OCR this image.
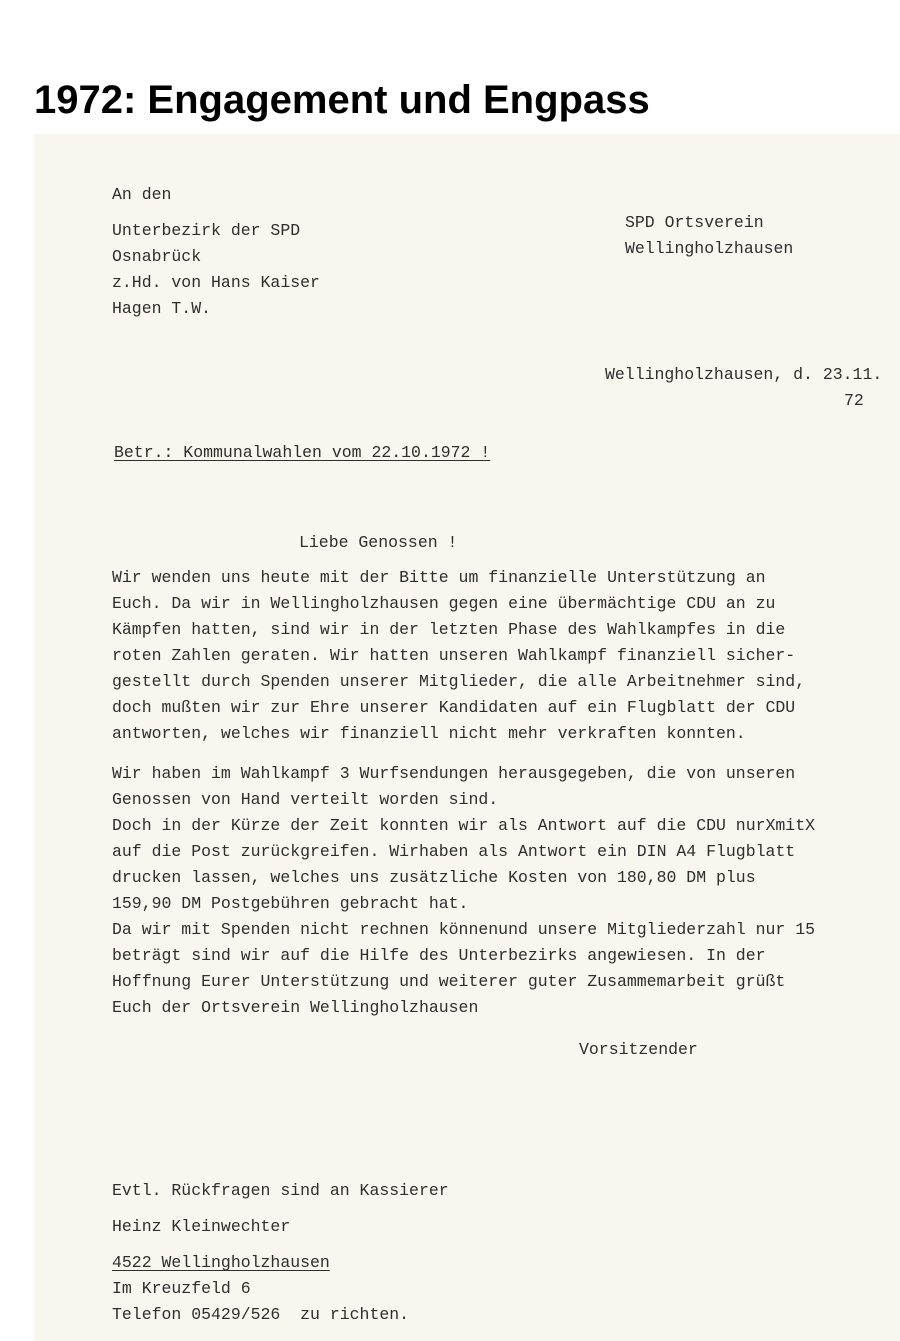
1972: Engagement und Engpass
An den
Unterbezirk der SPD
Osnabrück
z.Hd. von Hans Kaiser
Hagen T.W.
SPD Ortsverein
Wellingholzhausen
Wellingholzhausen, d. 23.11.
72
Betr.: Kommunalwahlen vom 22.10.1972 !
Liebe Genossen !
Wir wenden uns heute mit der Bitte um finanzielle Unterstützung an
Euch. Da wir in Wellingholzhausen gegen eine übermächtige CDU an zu
Kämpfen hatten, sind wir in der letzten Phase des Wahlkampfes in die
roten Zahlen geraten. Wir hatten unseren Wahlkampf finanziell sicher-
gestellt durch Spenden unserer Mitglieder, die alle Arbeitnehmer sind,
doch mußten wir zur Ehre unserer Kandidaten auf ein Flugblatt der CDU
antworten, welches wir finanziell nicht mehr verkraften konnten.
Wir haben im Wahlkampf 3 Wurfsendungen herausgegeben, die von unseren
Genossen von Hand verteilt worden sind.
Doch in der Kürze der Zeit konnten wir als Antwort auf die CDU nurXmitX
auf die Post zurückgreifen. Wirhaben als Antwort ein DIN A4 Flugblatt
drucken lassen, welches uns zusätzliche Kosten von 180,80 DM plus
159,90 DM Postgebühren gebracht hat.
Da wir mit Spenden nicht rechnen könnenund unsere Mitgliederzahl nur 15
beträgt sind wir auf die Hilfe des Unterbezirks angewiesen. In der
Hoffnung Eurer Unterstützung und weiterer guter Zusammemarbeit grüßt
Euch der Ortsverein Wellingholzhausen
Vorsitzender
Evtl. Rückfragen sind an Kassierer
Heinz Kleinwechter
4522 Wellingholzhausen
Im Kreuzfeld 6
Telefon 05429/526  zu richten.
